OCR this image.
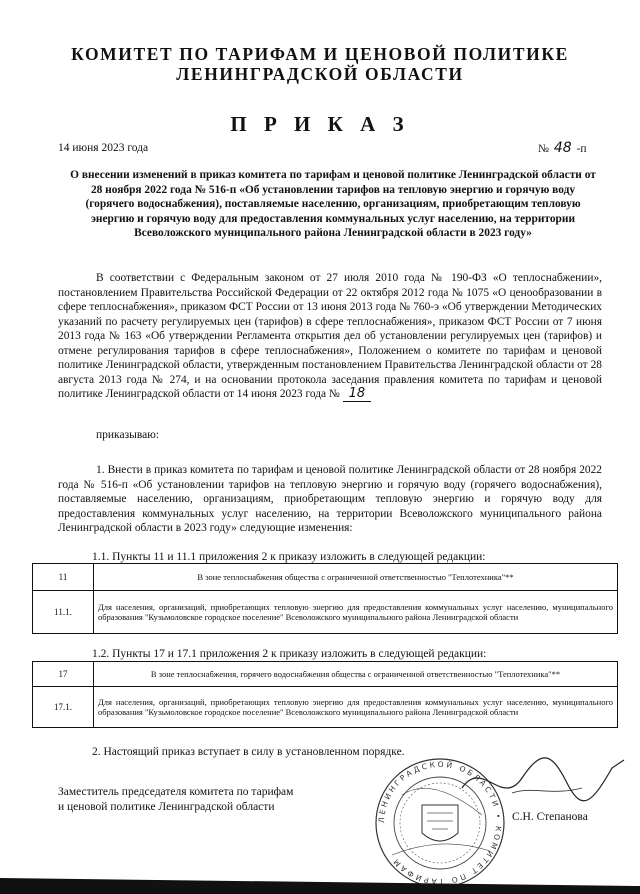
КОМИТЕТ ПО ТАРИФАМ И ЦЕНОВОЙ ПОЛИТИКЕ
ЛЕНИНГРАДСКОЙ ОБЛАСТИ
П Р И К А З
14 июня 2023 года	№ 48 -п
О внесении изменений в приказ комитета по тарифам и ценовой политике Ленинградской области от 28 ноября 2022 года № 516-п «Об установлении тарифов на тепловую энергию и горячую воду (горячего водоснабжения), поставляемые населению, организациям, приобретающим тепловую энергию и горячую воду для предоставления коммунальных услуг населению, на территории Всеволожского муниципального района Ленинградской области в 2023 году»
В соответствии с Федеральным законом от 27 июля 2010 года № 190-ФЗ «О теплоснабжении», постановлением Правительства Российской Федерации от 22 октября 2012 года № 1075 «О ценообразовании в сфере теплоснабжения», приказом ФСТ России от 13 июня 2013 года № 760-э «Об утверждении Методических указаний по расчету регулируемых цен (тарифов) в сфере теплоснабжения», приказом ФСТ России от 7 июня 2013 года № 163 «Об утверждении Регламента открытия дел об установлении регулируемых цен (тарифов) и отмене регулирования тарифов в сфере теплоснабжения», Положением о комитете по тарифам и ценовой политике Ленинградской области, утвержденным постановлением Правительства Ленинградской области от 28 августа 2013 года № 274, и на основании протокола заседания правления комитета по тарифам и ценовой политике Ленинградской области от 14 июня 2023 года № 18
приказываю:
1. Внести в приказ комитета по тарифам и ценовой политике Ленинградской области от 28 ноября 2022 года № 516-п «Об установлении тарифов на тепловую энергию и горячую воду (горячего водоснабжения), поставляемые населению, организациям, приобретающим тепловую энергию и горячую воду для предоставления коммунальных услуг населению, на территории Всеволожского муниципального района Ленинградской области в 2023 году» следующие изменения:
1.1. Пункты 11 и 11.1 приложения 2 к приказу изложить в следующей редакции:
11	В зоне теплоснабжения общества с ограниченной ответственностью "Теплотехника"**
11.1.	Для населения, организаций, приобретающих тепловую энергию для предоставления коммунальных услуг населению, муниципального образования "Кузьмоловское городское поселение" Всеволожского муниципального района Ленинградской области
1.2. Пункты 17 и 17.1 приложения 2 к приказу изложить в следующей редакции:
17	В зоне теплоснабжения, горячего водоснабжения общества с ограниченной ответственностью "Теплотехника"**
17.1.	Для населения, организаций, приобретающих тепловую энергию для предоставления коммунальных услуг населению, муниципального образования "Кузьмоловское городское поселение" Всеволожского муниципального района Ленинградской области
2. Настоящий приказ вступает в силу в установленном порядке.
Заместитель председателя комитета по тарифам
и ценовой политике Ленинградской области
ЛЕНИНГРАДСКОЙ ОБЛАСТИ • КОМИТЕТ ПО ТАРИФАМ
С.Н. Степанова
